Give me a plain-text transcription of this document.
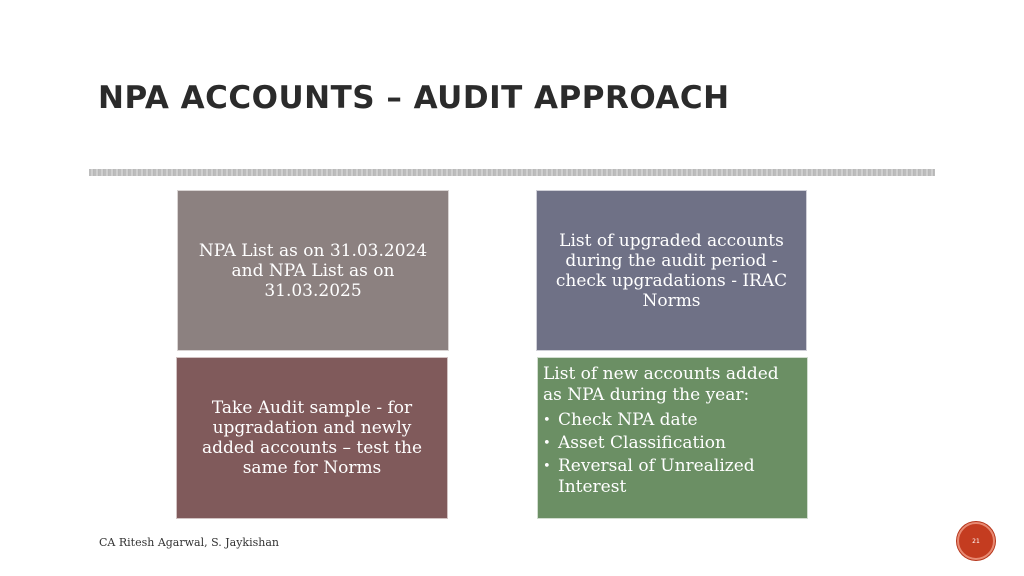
NPA ACCOUNTS – AUDIT APPROACH
NPA List as on 31.03.2024 and NPA List as on 31.03.2025
List of upgraded accounts during the audit period - check upgradations - IRAC Norms
Take Audit sample - for upgradation and newly added accounts – test the same for Norms
List of new accounts added as NPA during the year:
• Check NPA date
• Asset Classification
• Reversal of Unrealized Interest
CA Ritesh Agarwal, S. Jaykishan	21
